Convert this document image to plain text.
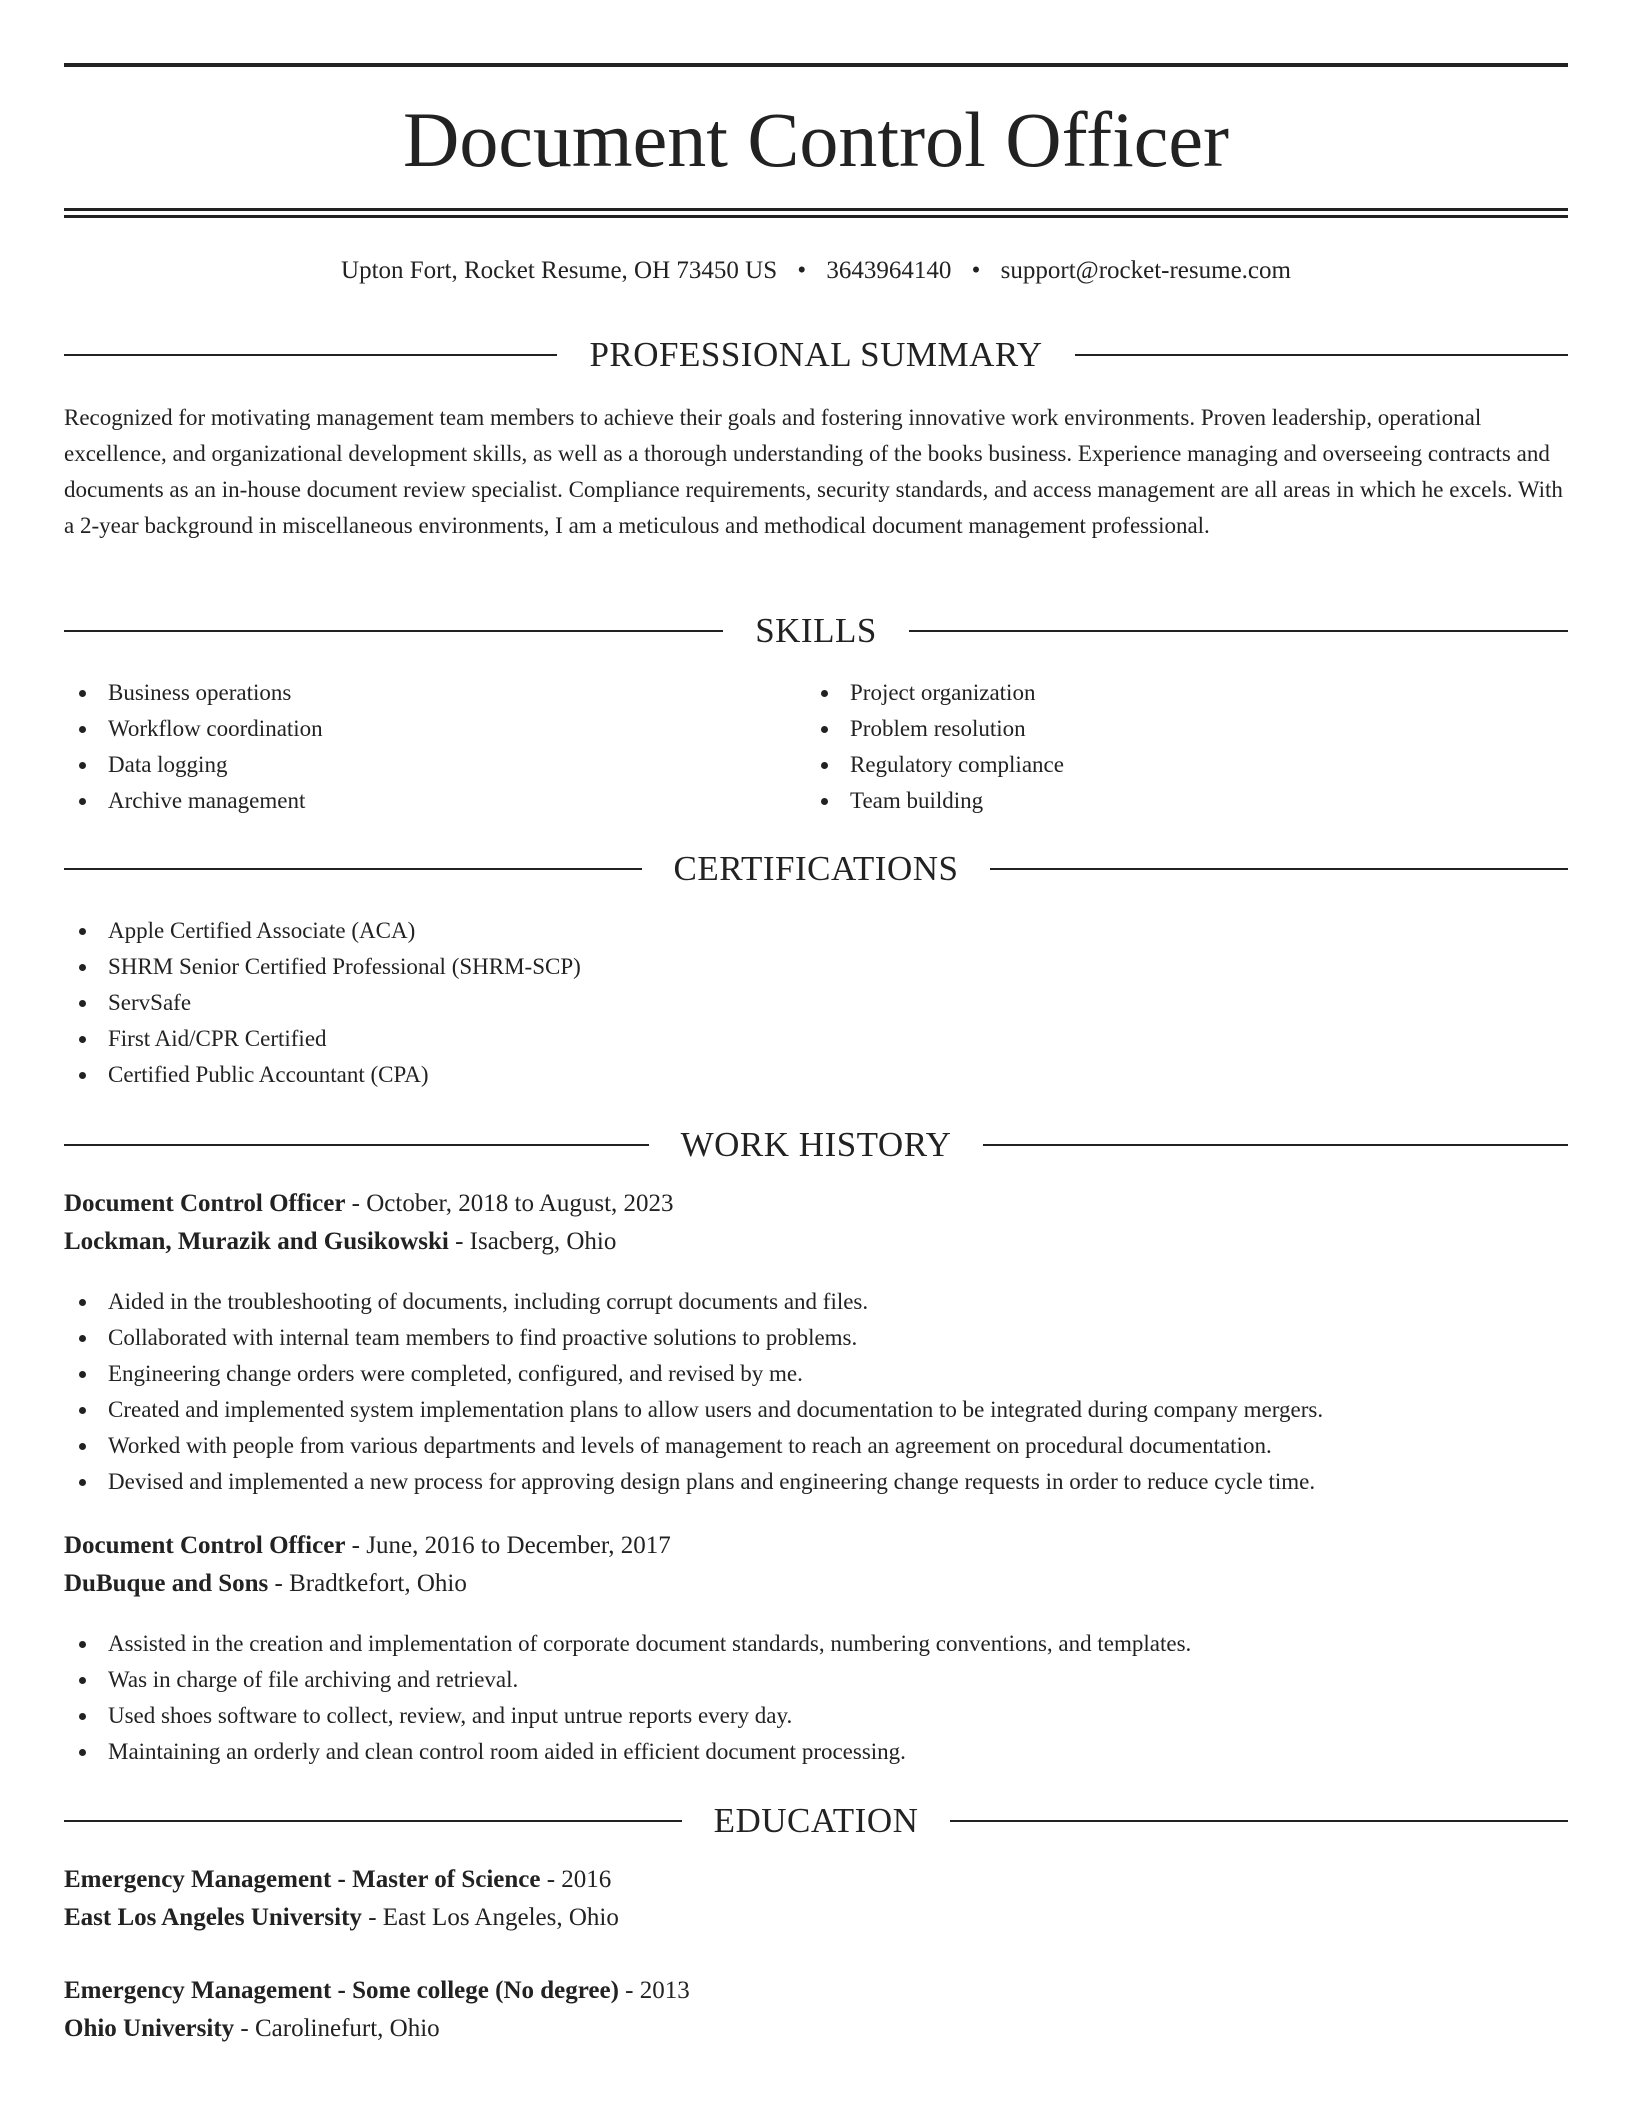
Document Control Officer
Upton Fort, Rocket Resume, OH 73450 US • 3643964140 • support@rocket-resume.com
PROFESSIONAL SUMMARY

Recognized for motivating management team members to achieve their goals and fostering innovative work environments. Proven leadership, operational excellence, and organizational development skills, as well as a thorough understanding of the books business. Experience managing and overseeing contracts and documents as an in-house document review specialist. Compliance requirements, security standards, and access management are all areas in which he excels. With a 2-year background in miscellaneous environments, I am a meticulous and methodical document management professional.

SKILLS
Business operations
Workflow coordination
Data logging
Archive management
Project organization
Problem resolution
Regulatory compliance
Team building
CERTIFICATIONS
Apple Certified Associate (ACA)
SHRM Senior Certified Professional (SHRM-SCP)
ServSafe
First Aid/CPR Certified
Certified Public Accountant (CPA)
WORK HISTORY
Document Control Officer - October, 2018 to August, 2023
Lockman, Murazik and Gusikowski - Isacberg, Ohio
Aided in the troubleshooting of documents, including corrupt documents and files.
Collaborated with internal team members to find proactive solutions to problems.
Engineering change orders were completed, configured, and revised by me.
Created and implemented system implementation plans to allow users and documentation to be integrated during company mergers.
Worked with people from various departments and levels of management to reach an agreement on procedural documentation.
Devised and implemented a new process for approving design plans and engineering change requests in order to reduce cycle time.
Document Control Officer - June, 2016 to December, 2017
DuBuque and Sons - Bradtkefort, Ohio
Assisted in the creation and implementation of corporate document standards, numbering conventions, and templates.
Was in charge of file archiving and retrieval.
Used shoes software to collect, review, and input untrue reports every day.
Maintaining an orderly and clean control room aided in efficient document processing.
EDUCATION
Emergency Management - Master of Science - 2016
East Los Angeles University - East Los Angeles, Ohio
Emergency Management - Some college (No degree) - 2013
Ohio University - Carolinefurt, Ohio
